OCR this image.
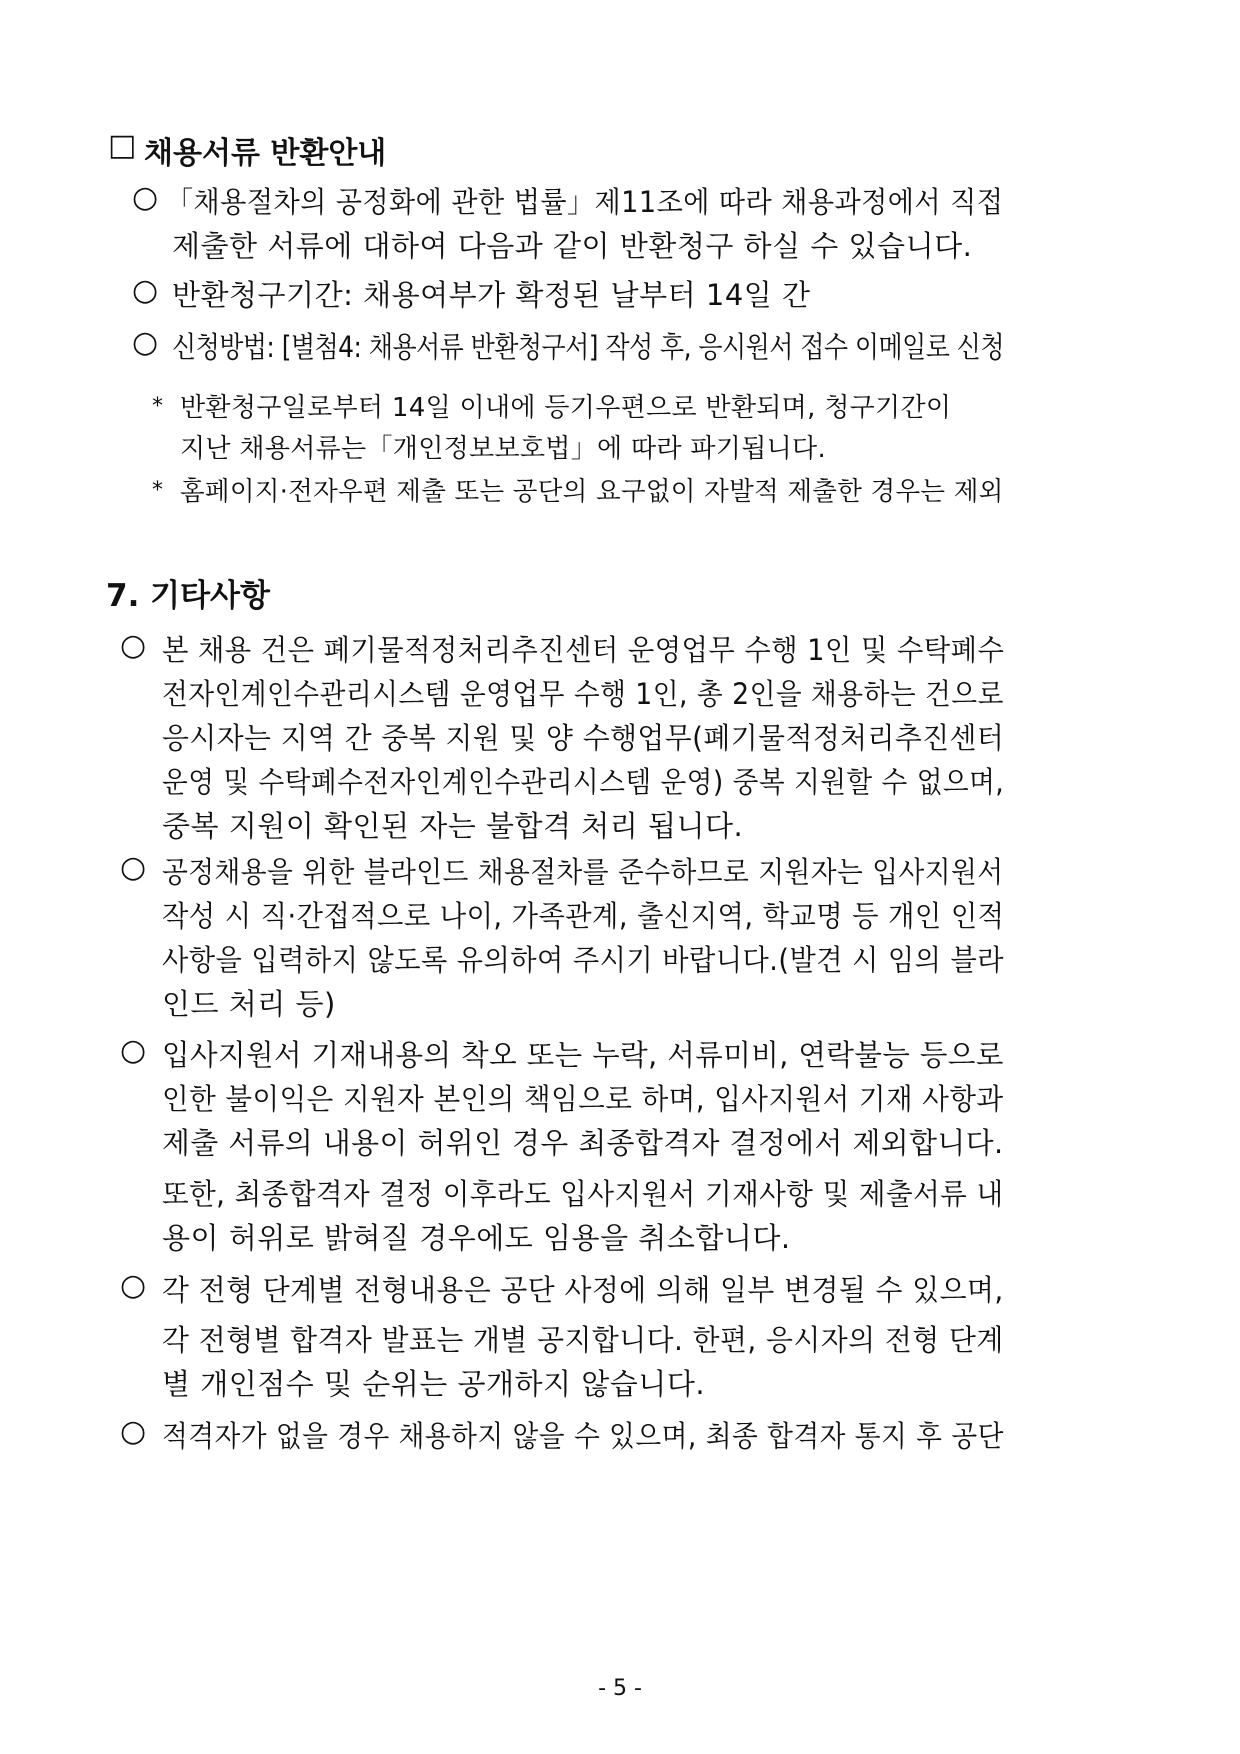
□ 채용서류 반환안내
○ 「채용절차의 공정화에 관한 법률」제11조에 따라 채용과정에서 직접
제출한 서류에 대하여 다음과 같이 반환청구 하실 수 있습니다.
○ 반환청구기간: 채용여부가 확정된 날부터 14일 간
○ 신청방법: [별첨4: 채용서류 반환청구서] 작성 후, 응시원서 접수 이메일로 신청
* 반환청구일로부터 14일 이내에 등기우편으로 반환되며, 청구기간이
지난 채용서류는「개인정보보호법」에 따라 파기됩니다.
* 홈페이지·전자우편 제출 또는 공단의 요구없이 자발적 제출한 경우는 제외
7. 기타사항
○ 본 채용 건은 폐기물적정처리추진센터 운영업무 수행 1인 및 수탁폐수
전자인계인수관리시스템 운영업무 수행 1인, 총 2인을 채용하는 건으로
응시자는 지역 간 중복 지원 및 양 수행업무(폐기물적정처리추진센터
운영 및 수탁폐수전자인계인수관리시스템 운영) 중복 지원할 수 없으며,
중복 지원이 확인된 자는 불합격 처리 됩니다.
○ 공정채용을 위한 블라인드 채용절차를 준수하므로 지원자는 입사지원서
작성 시 직·간접적으로 나이, 가족관계, 출신지역, 학교명 등 개인 인적
사항을 입력하지 않도록 유의하여 주시기 바랍니다.(발견 시 임의 블라
인드 처리 등)
○ 입사지원서 기재내용의 착오 또는 누락, 서류미비, 연락불능 등으로
인한 불이익은 지원자 본인의 책임으로 하며, 입사지원서 기재 사항과
제출 서류의 내용이 허위인 경우 최종합격자 결정에서 제외합니다.
또한, 최종합격자 결정 이후라도 입사지원서 기재사항 및 제출서류 내
용이 허위로 밝혀질 경우에도 임용을 취소합니다.
○ 각 전형 단계별 전형내용은 공단 사정에 의해 일부 변경될 수 있으며,
각 전형별 합격자 발표는 개별 공지합니다. 한편, 응시자의 전형 단계
별 개인점수 및 순위는 공개하지 않습니다.
○ 적격자가 없을 경우 채용하지 않을 수 있으며, 최종 합격자 통지 후 공단
- 5 -
